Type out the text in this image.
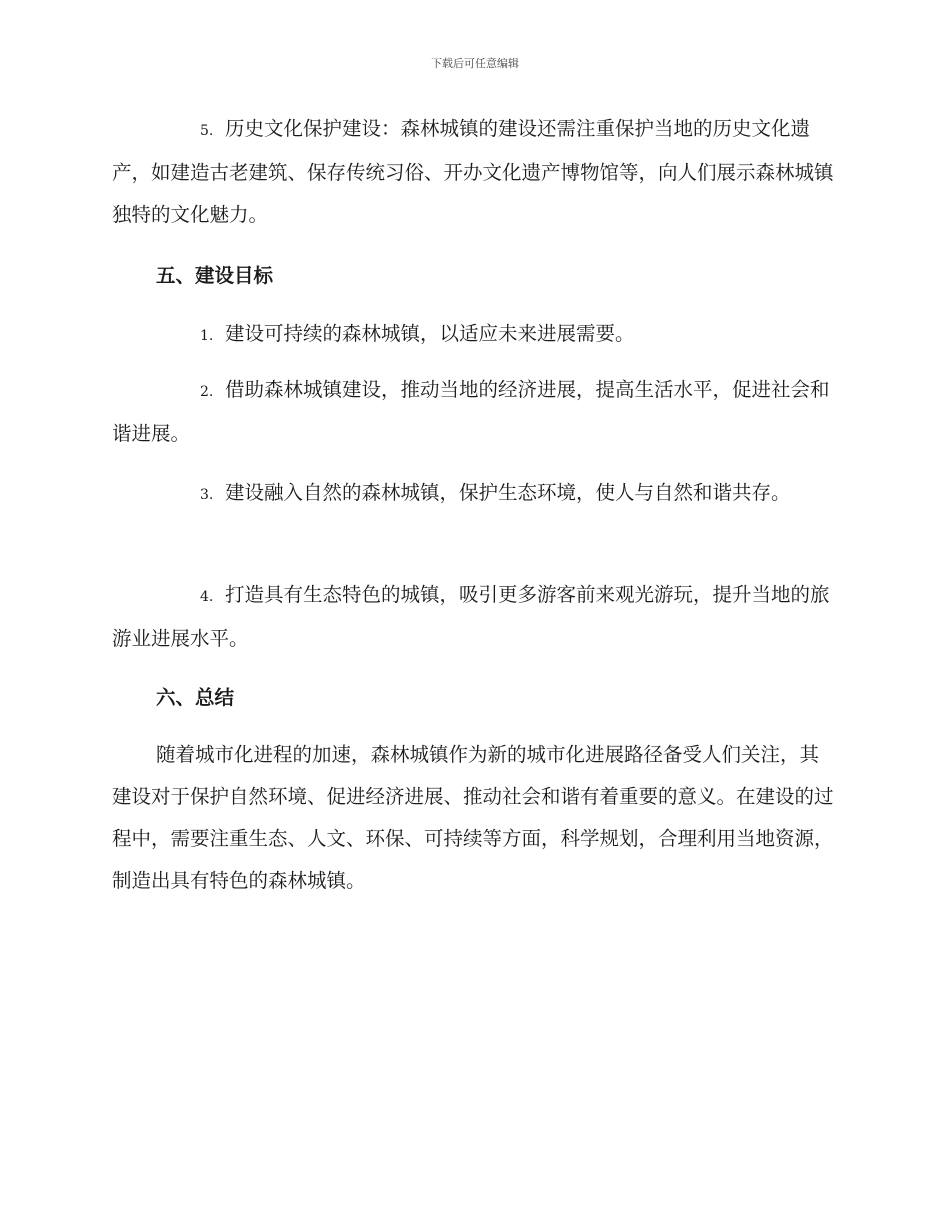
下载后可任意编辑

5. 历史文化保护建设：森林城镇的建设还需注重保护当地的历史文化遗产，如建造古老建筑、保存传统习俗、开办文化遗产博物馆等，向人们展示森林城镇独特的文化魅力。

五、建设目标

1. 建设可持续的森林城镇，以适应未来进展需要。

2. 借助森林城镇建设，推动当地的经济进展，提高生活水平，促进社会和谐进展。

3. 建设融入自然的森林城镇，保护生态环境，使人与自然和谐共存。

4. 打造具有生态特色的城镇，吸引更多游客前来观光游玩，提升当地的旅游业进展水平。

六、总结

随着城市化进程的加速，森林城镇作为新的城市化进展路径备受人们关注，其建设对于保护自然环境、促进经济进展、推动社会和谐有着重要的意义。在建设的过程中，需要注重生态、人文、环保、可持续等方面，科学规划，合理利用当地资源，制造出具有特色的森林城镇。
